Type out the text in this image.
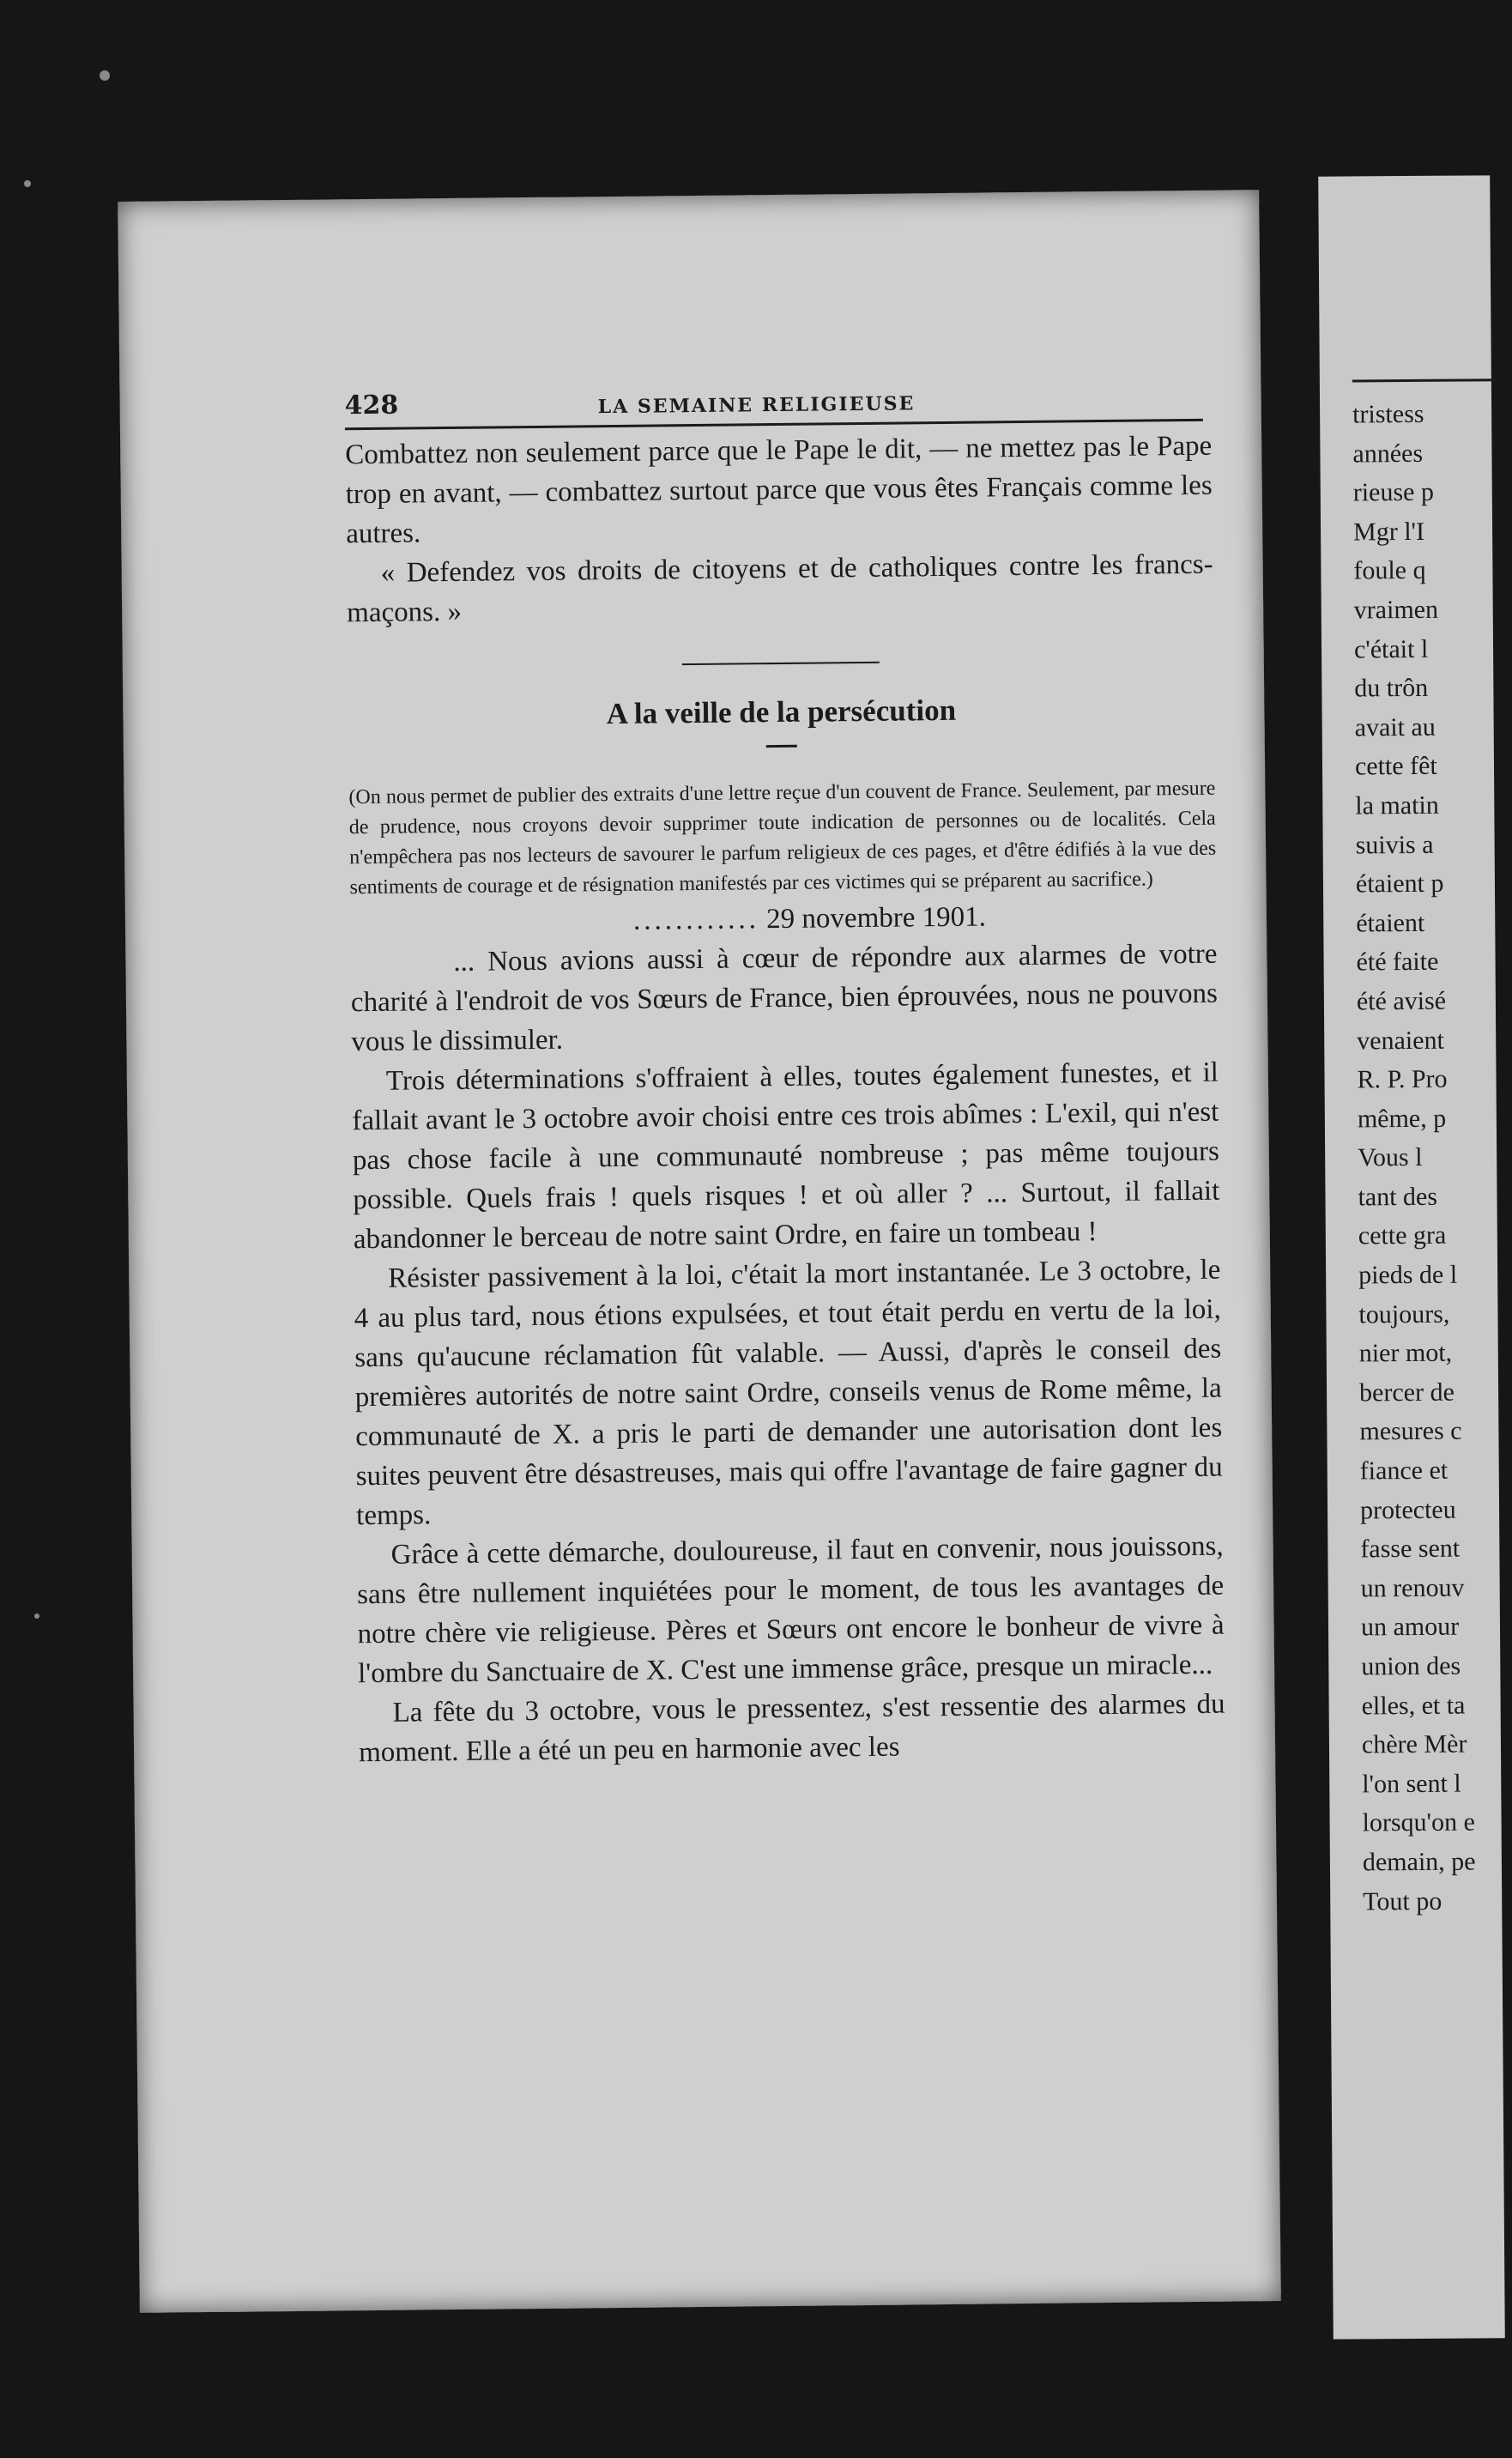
428	LA SEMAINE RELIGIEUSE

Combattez non seulement parce que le Pape le dit, — ne mettez pas le Pape trop en avant, — combattez surtout parce que vous êtes Français comme les autres.

« Defendez vos droits de citoyens et de catholiques contre les francs-maçons. »

A la veille de la persécution
(On nous permet de publier des extraits d'une lettre reçue d'un couvent de France. Seulement, par mesure de prudence, nous croyons devoir supprimer toute indication de personnes ou de localités. Cela n'empêchera pas nos lecteurs de savourer le parfum religieux de ces pages, et d'être édifiés à la vue des sentiments de courage et de résignation manifestés par ces victimes qui se préparent au sacrifice.)
............ 29 novembre 1901.

... Nous avions aussi à cœur de répondre aux alarmes de votre charité à l'endroit de vos Sœurs de France, bien éprouvées, nous ne pouvons vous le dissimuler.

Trois déterminations s'offraient à elles, toutes également funestes, et il fallait avant le 3 octobre avoir choisi entre ces trois abîmes : L'exil, qui n'est pas chose facile à une communauté nombreuse ; pas même toujours possible. Quels frais ! quels risques ! et où aller ? ... Surtout, il fallait abandonner le berceau de notre saint Ordre, en faire un tombeau !

Résister passivement à la loi, c'était la mort instantanée. Le 3 octobre, le 4 au plus tard, nous étions expulsées, et tout était perdu en vertu de la loi, sans qu'aucune réclamation fût valable. — Aussi, d'après le conseil des premières autorités de notre saint Ordre, conseils venus de Rome même, la communauté de X. a pris le parti de demander une autorisation dont les suites peuvent être désastreuses, mais qui offre l'avantage de faire gagner du temps.

Grâce à cette démarche, douloureuse, il faut en convenir, nous jouissons, sans être nullement inquiétées pour le moment, de tous les avantages de notre chère vie religieuse. Pères et Sœurs ont encore le bonheur de vivre à l'ombre du Sanctuaire de X. C'est une immense grâce, presque un miracle...

La fête du 3 octobre, vous le pressentez, s'est ressentie des alarmes du moment. Elle a été un peu en harmonie avec les

tristess
années
rieuse p
Mgr l'I
foule q
vraimen
c'était l
du trôn
avait au
cette fêt
la matin
suivis a
étaient p
étaient
été faite
été avisé
venaient
R. P. Pro
même, p
Vous l
tant des
cette gra
pieds de l
toujours,
nier mot,
bercer de
mesures c
fiance et
protecteu
fasse sent
un renouv
un amour
union des
elles, et ta
chère Mèr
l'on sent l
lorsqu'on e
demain, pe
Tout po
